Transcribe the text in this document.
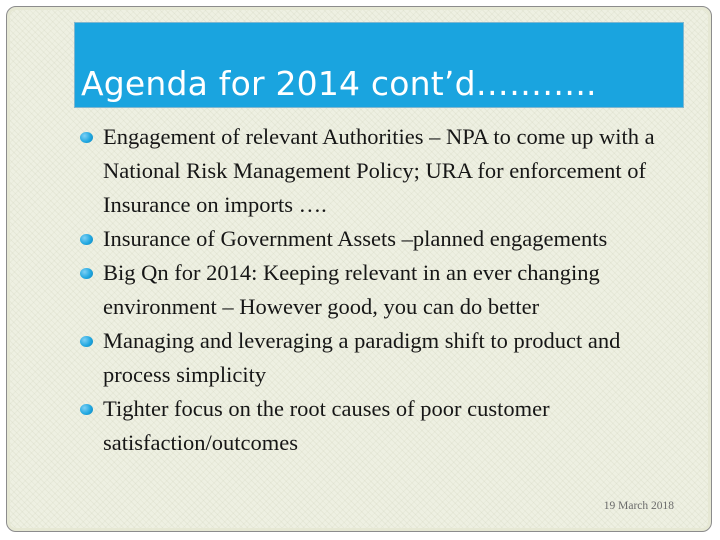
Agenda for 2014 cont’d………..
Engagement of relevant Authorities – NPA to come up with a National Risk Management Policy; URA for enforcement of Insurance on imports ….
Insurance of Government Assets –planned engagements
Big Qn for 2014: Keeping relevant in an ever changing environment – However good, you can do better
Managing and leveraging a paradigm shift to product and process simplicity
Tighter focus on the root causes of poor customer satisfaction/outcomes
19 March 2018
